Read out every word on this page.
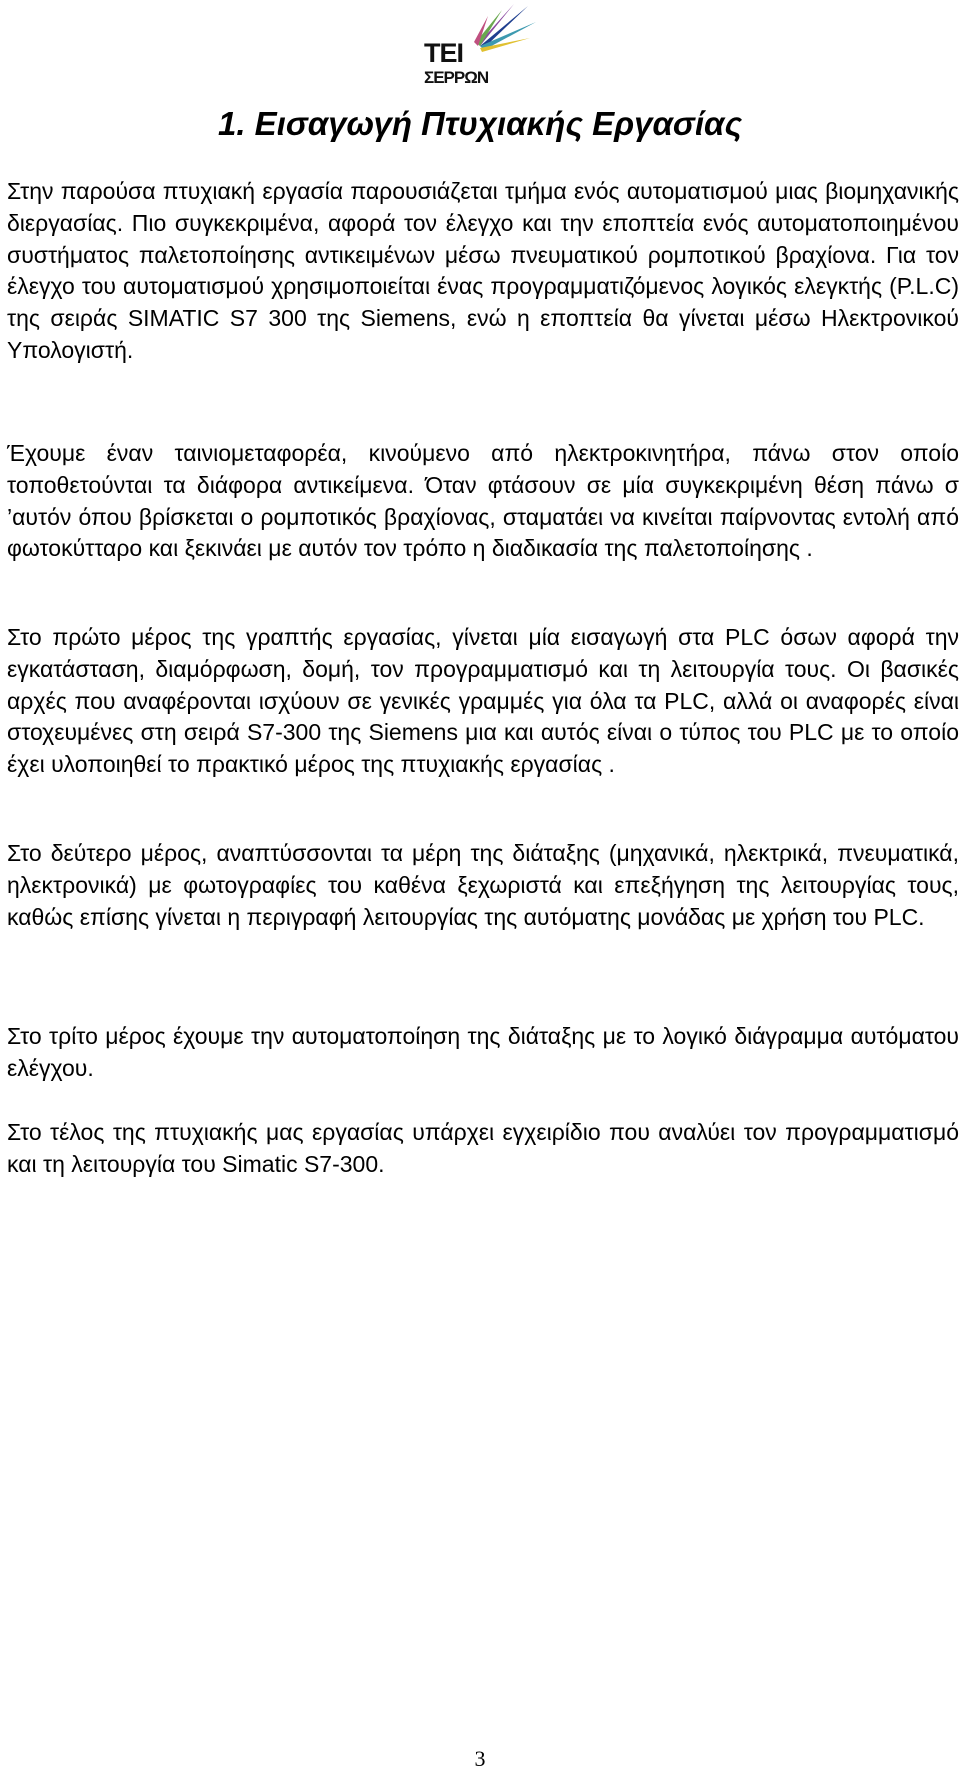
ΤΕΙ
ΣΕΡΡΩΝ
1. Εισαγωγή Πτυχιακής Εργασίας

Στην παρούσα πτυχιακή εργασία παρουσιάζεται τμήμα ενός αυτοματισμού μιας βιομηχανικής διεργασίας. Πιο συγκεκριμένα, αφορά τον έλεγχο και την εποπτεία ενός αυτοματοποιημένου συστήματος παλετοποίησης αντικειμένων μέσω πνευματικού ρομποτικού βραχίονα. Για τον έλεγχο του αυτοματισμού χρησιμοποιείται ένας προγραμματιζόμενος λογικός ελεγκτής (P.L.C) της σειράς SIMATIC S7 300 της Siemens, ενώ η εποπτεία θα γίνεται μέσω Ηλεκτρονικού Υπολογιστή.

Έχουμε έναν ταινιομεταφορέα, κινούμενο από ηλεκτροκινητήρα, πάνω στον οποίο τοποθετούνται τα διάφορα αντικείμενα. Όταν φτάσουν σε μία συγκεκριμένη θέση πάνω σ ’αυτόν όπου βρίσκεται ο ρομποτικός βραχίονας, σταματάει να κινείται παίρνοντας εντολή από φωτοκύτταρο και ξεκινάει με αυτόν τον τρόπο η διαδικασία της παλετοποίησης .

Στο πρώτο μέρος της γραπτής εργασίας, γίνεται μία εισαγωγή στα PLC όσων αφορά την εγκατάσταση, διαμόρφωση, δομή, τον προγραμματισμό και τη λειτουργία τους. Οι βασικές αρχές που αναφέρονται ισχύουν σε γενικές γραμμές για όλα τα PLC, αλλά οι αναφορές είναι στοχευμένες στη σειρά S7-300 της Siemens μια και αυτός είναι ο τύπος του PLC με το οποίο έχει υλοποιηθεί το πρακτικό μέρος της πτυχιακής εργασίας .

Στο δεύτερο μέρος, αναπτύσσονται τα μέρη της διάταξης (μηχανικά, ηλεκτρικά, πνευματικά, ηλεκτρονικά) με φωτογραφίες του καθένα ξεχωριστά και επεξήγηση της λειτουργίας τους, καθώς επίσης γίνεται η περιγραφή λειτουργίας της αυτόματης μονάδας με χρήση του PLC.

Στο τρίτο μέρος έχουμε την αυτοματοποίηση της διάταξης με το λογικό διάγραμμα αυτόματου ελέγχου.

Στο τέλος της πτυχιακής μας εργασίας υπάρχει εγχειρίδιο που αναλύει τον προγραμματισμό και τη λειτουργία του Simatic S7-300.

3
